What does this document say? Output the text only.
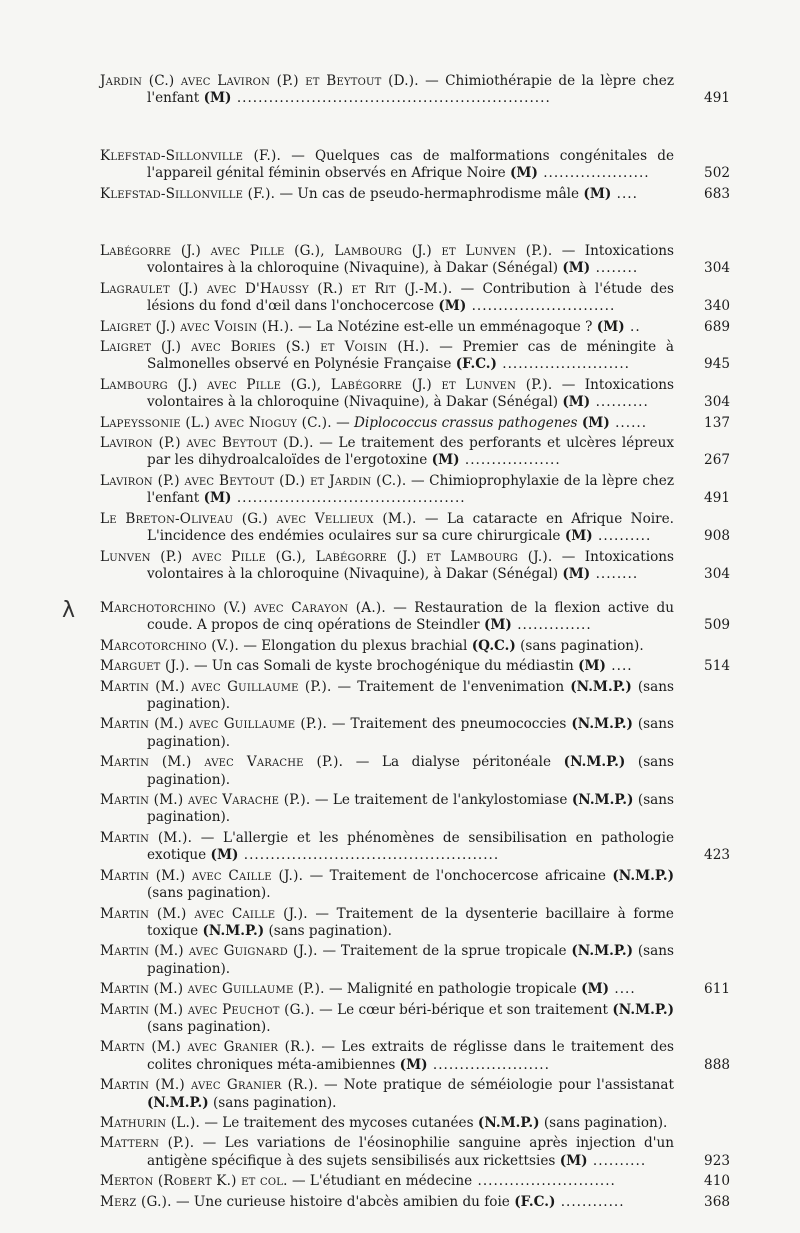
λ
Jardin (C.) avec Laviron (P.) et Beytout (D.). — Chimiothérapie de la lèpre chez l'enfant (M) ...........................................................	491
Klefstad-Sillonville (F.). — Quelques cas de malformations congénitales de l'appareil génital féminin observés en Afrique Noire (M) ....................	502
Klefstad-Sillonville (F.). — Un cas de pseudo-hermaphrodisme mâle (M) ....	683
Labégorre (J.) avec Pille (G.), Lambourg (J.) et Lunven (P.). — Intoxications volontaires à la chloroquine (Nivaquine), à Dakar (Sénégal) (M) ........	304
Lagraulet (J.) avec D'Haussy (R.) et Rit (J.-M.). — Contribution à l'étude des lésions du fond d'œil dans l'onchocercose (M) ...........................	340
Laigret (J.) avec Voisin (H.). — La Notézine est-elle un emménagoque ? (M) ..	689
Laigret (J.) avec Bories (S.) et Voisin (H.). — Premier cas de méningite à Salmonelles observé en Polynésie Française (F.C.) ........................	945
Lambourg (J.) avec Pille (G.), Labégorre (J.) et Lunven (P.). — Intoxications volontaires à la chloroquine (Nivaquine), à Dakar (Sénégal) (M) ..........	304
Lapeyssonie (L.) avec Nioguy (C.). — Diplococcus crassus pathogenes (M) ......	137
Laviron (P.) avec Beytout (D.). — Le traitement des perforants et ulcères lépreux par les dihydroalcaloïdes de l'ergotoxine (M) ..................	267
Laviron (P.) avec Beytout (D.) et Jardin (C.). — Chimioprophylaxie de la lèpre chez l'enfant (M) ...........................................	491
Le Breton-Oliveau (G.) avec Vellieux (M.). — La cataracte en Afrique Noire. L'incidence des endémies oculaires sur sa cure chirurgicale (M) ..........	908
Lunven (P.) avec Pille (G.), Labégorre (J.) et Lambourg (J.). — Intoxications volontaires à la chloroquine (Nivaquine), à Dakar (Sénégal) (M) ........	304
Marchotorchino (V.) avec Carayon (A.). — Restauration de la flexion active du coude. A propos de cinq opérations de Steindler (M) ..............	509
Marcotorchino (V.). — Elongation du plexus brachial (Q.C.) (sans pagination).
Marguet (J.). — Un cas Somali de kyste brochogénique du médiastin (M) ....	514
Martin (M.) avec Guillaume (P.). — Traitement de l'envenimation (N.M.P.) (sans pagination).
Martin (M.) avec Guillaume (P.). — Traitement des pneumococcies (N.M.P.) (sans pagination).
Martin (M.) avec Varache (P.). — La dialyse péritonéale (N.M.P.) (sans pagination).
Martin (M.) avec Varache (P.). — Le traitement de l'ankylostomiase (N.M.P.) (sans pagination).
Martin (M.). — L'allergie et les phénomènes de sensibilisation en pathologie exotique (M) ................................................	423
Martin (M.) avec Caille (J.). — Traitement de l'onchocercose africaine (N.M.P.) (sans pagination).
Martin (M.) avec Caille (J.). — Traitement de la dysenterie bacillaire à forme toxique (N.M.P.) (sans pagination).
Martin (M.) avec Guignard (J.). — Traitement de la sprue tropicale (N.M.P.) (sans pagination).
Martin (M.) avec Guillaume (P.). — Malignité en pathologie tropicale (M) ....	611
Martin (M.) avec Peuchot (G.). — Le cœur béri-bérique et son traitement (N.M.P.) (sans pagination).
Martn (M.) avec Granier (R.). — Les extraits de réglisse dans le traitement des colites chroniques méta-amibiennes (M) ......................	888
Martin (M.) avec Granier (R.). — Note pratique de séméiologie pour l'assistanat (N.M.P.) (sans pagination).
Mathurin (L.). — Le traitement des mycoses cutanées (N.M.P.) (sans pagination).
Mattern (P.). — Les variations de l'éosinophilie sanguine après injection d'un antigène spécifique à des sujets sensibilisés aux rickettsies (M) ..........	923
Merton (Robert K.) et col. — L'étudiant en médecine ..........................	410
Merz (G.). — Une curieuse histoire d'abcès amibien du foie (F.C.) ............	368
